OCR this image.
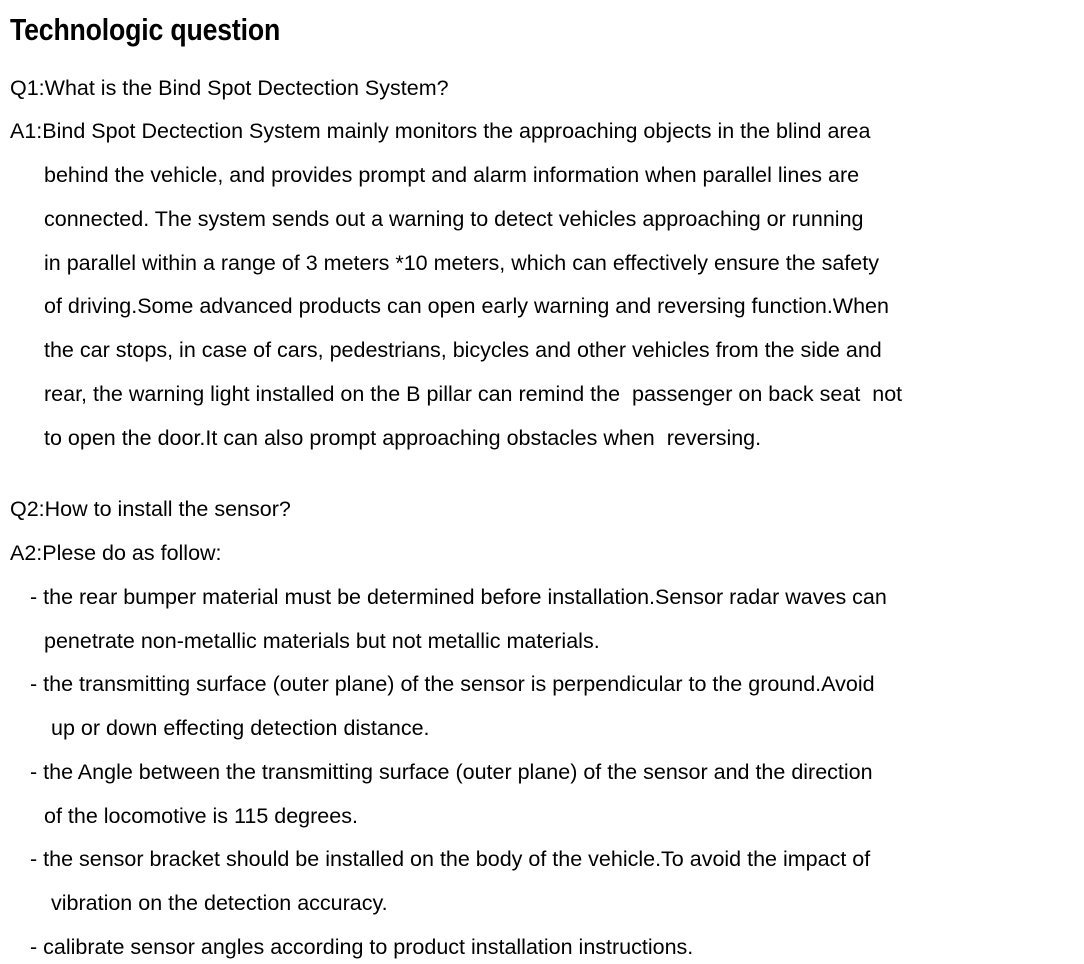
Technologic question

Q1:What is the Bind Spot Dectection System?

A1:Bind Spot Dectection System mainly monitors the approaching objects in the blind area

behind the vehicle, and provides prompt and alarm information when parallel lines are

connected. The system sends out a warning to detect vehicles approaching or running

in parallel within a range of 3 meters *10 meters, which can effectively ensure the safety

of driving.Some advanced products can open early warning and reversing function.When

the car stops, in case of cars, pedestrians, bicycles and other vehicles from the side and

rear, the warning light installed on the B pillar can remind the  passenger on back seat  not

to open the door.It can also prompt approaching obstacles when  reversing.

Q2:How to install the sensor?

A2:Plese do as follow:

- the rear bumper material must be determined before installation.Sensor radar waves can

penetrate non-metallic materials but not metallic materials.

- the transmitting surface (outer plane) of the sensor is perpendicular to the ground.Avoid

up or down effecting detection distance.

- the Angle between the transmitting surface (outer plane) of the sensor and the direction

of the locomotive is 115 degrees.

- the sensor bracket should be installed on the body of the vehicle.To avoid the impact of

vibration on the detection accuracy.

- calibrate sensor angles according to product installation instructions.
